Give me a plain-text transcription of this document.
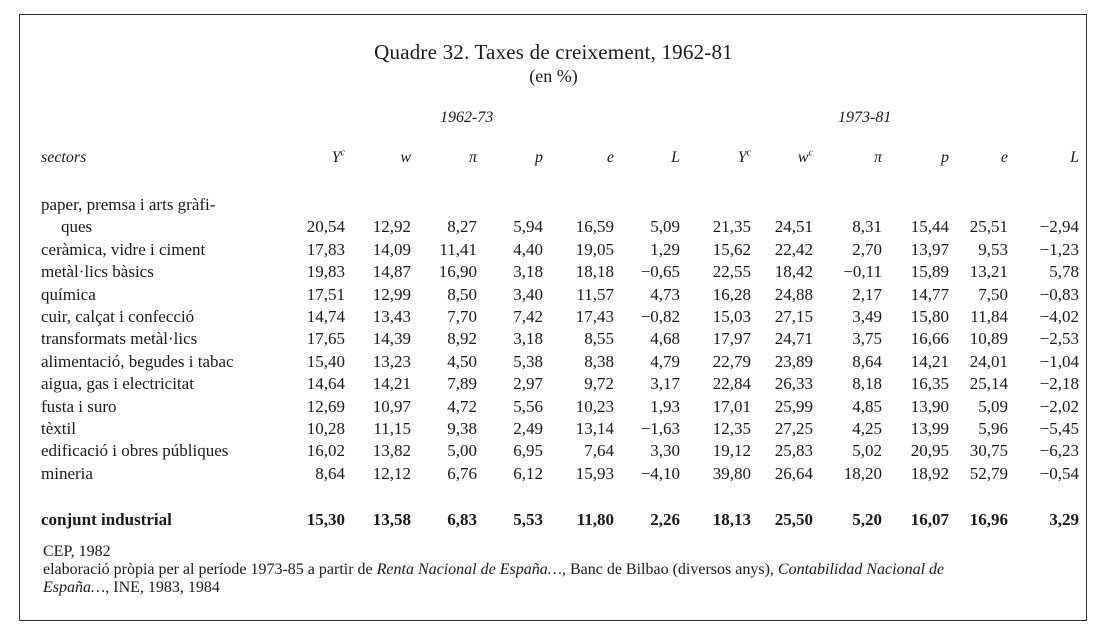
Quadre 32. Taxes de creixement, 1962-81
(en %)
1962-73	1973-81
sectors	$Y^c$	w	π	p	e	L	$Y^c$	$w^c$	π	p	e	L

paper, premsa i arts gràfi-												
ques	20,54	12,92	8,27	5,94	16,59	5,09	21,35	24,51	8,31	15,44	25,51	−2,94
ceràmica, vidre i ciment	17,83	14,09	11,41	4,40	19,05	1,29	15,62	22,42	2,70	13,97	9,53	−1,23
metàl·lics bàsics	19,83	14,87	16,90	3,18	18,18	−0,65	22,55	18,42	−0,11	15,89	13,21	5,78
química	17,51	12,99	8,50	3,40	11,57	4,73	16,28	24,88	2,17	14,77	7,50	−0,83
cuir, calçat i confecció	14,74	13,43	7,70	7,42	17,43	−0,82	15,03	27,15	3,49	15,80	11,84	−4,02
transformats metàl·lics	17,65	14,39	8,92	3,18	8,55	4,68	17,97	24,71	3,75	16,66	10,89	−2,53
alimentació, begudes i tabac	15,40	13,23	4,50	5,38	8,38	4,79	22,79	23,89	8,64	14,21	24,01	−1,04
aigua, gas i electricitat	14,64	14,21	7,89	2,97	9,72	3,17	22,84	26,33	8,18	16,35	25,14	−2,18
fusta i suro	12,69	10,97	4,72	5,56	10,23	1,93	17,01	25,99	4,85	13,90	5,09	−2,02
tèxtil	10,28	11,15	9,38	2,49	13,14	−1,63	12,35	27,25	4,25	13,99	5,96	−5,45
edificació i obres públiques	16,02	13,82	5,00	6,95	7,64	3,30	19,12	25,83	5,02	20,95	30,75	−6,23
mineria	8,64	12,12	6,76	6,12	15,93	−4,10	39,80	26,64	18,20	18,92	52,79	−0,54

conjunt industrial	15,30	13,58	6,83	5,53	11,80	2,26	18,13	25,50	5,20	16,07	16,96	3,29
CEP, 1982
elaboració pròpia per al període 1973-85 a partir de Renta Nacional de España…, Banc de Bilbao (diversos anys), Contabilidad Nacional de
España…, INE, 1983, 1984
